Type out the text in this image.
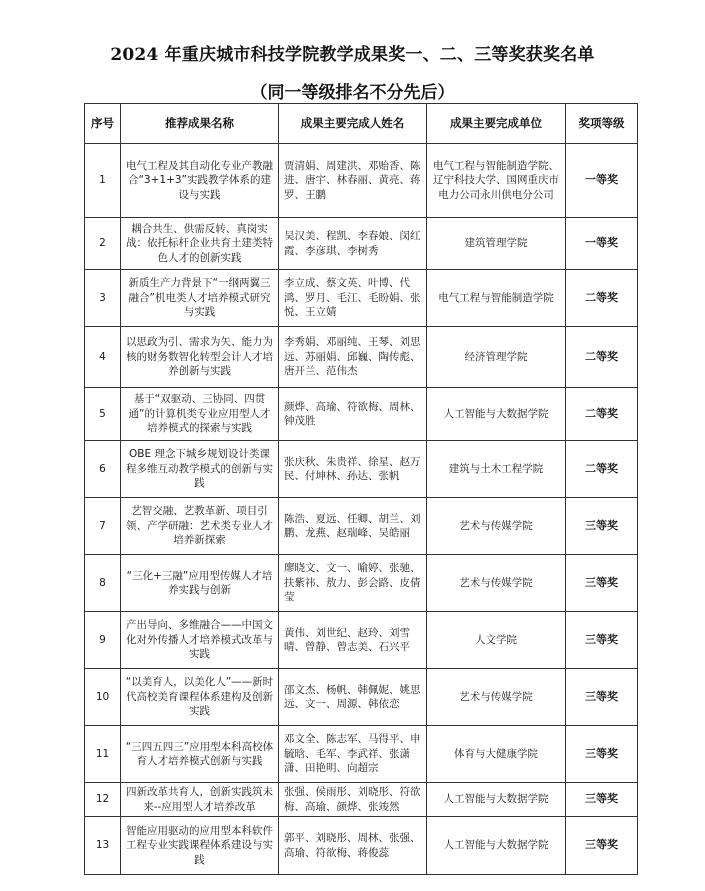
2024 年重庆城市科技学院教学成果奖一、二、三等奖获奖名单
（同一等级排名不分先后）
序号	推荐成果名称	成果主要完成人姓名	成果主要完成单位	奖项等级
1	电气工程及其自动化专业产教融合“3+1+3”实践教学体系的建设与实践	贾清娟、周建洪、邓贻香、陈进、唐宇、林春丽、黄亮、蒋罗、王鹏	电气工程与智能制造学院、辽宁科技大学、国网重庆市电力公司永川供电分公司	一等奖
2	耦合共生、供需反转、真岗实战：依托标杆企业共育土建类特色人才的创新实践	吴汉美、程凯、李春娘、闵红霞、李彦琪、李树秀	建筑管理学院	一等奖
3	新质生产力背景下“一纲两翼三融合”机电类人才培养模式研究与实践	李立成、蔡文英、叶博、代鸿、罗月、毛江、毛盼娟、张悦、王立婧	电气工程与智能制造学院	二等奖
4	以思政为引、需求为矢、能力为核的财务数智化转型会计人才培养创新与实践	李秀娟、邓丽纯、王琴、刘思远、苏丽娟、邱巍、陶传彪、唐开兰、范伟杰	经济管理学院	二等奖
5	基于“双驱动、三协同、四贯通”的计算机类专业应用型人才培养模式的探索与实践	颜烨、高瑜、符欲梅、周林、钟茂胜	人工智能与大数据学院	二等奖
6	OBE 理念下城乡规划设计类课程多维互动教学模式的创新与实践	张庆秋、朱贵祥、徐星、赵万民、付坤林、孙达、张帆	建筑与土木工程学院	二等奖
7	艺智交融、艺教革新、项目引领、产学研融：艺术类专业人才培养新探索	陈浩、夏远、任卿、胡兰、刘鹏、龙燕、赵瑞峰、吴皓丽	艺术与传媒学院	三等奖
8	“三化+三融”应用型传媒人才培养实践与创新	廖晓文、文一、喻婷、张驰、扶紫祎、敖力、彭会路、皮倩莹	艺术与传媒学院	三等奖
9	产出导向、多维融合——中国文化对外传播人才培养模式改革与实践	黄伟、刘世纪、赵玲、刘雪晴、曾静、曾志美、石兴平	人文学院	三等奖
10	“以美育人，以美化人”——新时代高校美育课程体系建构及创新实践	邵文杰、杨帆、韩佩妮、姚思远、文一、周源、韩依恋	艺术与传媒学院	三等奖
11	“三四五四三”应用型本科高校体育人才培养模式创新与实践	邓文全、陈志军、马得平、申毓晗、毛军、李武祥、张潇潇、田艳明、向超宗	体育与大健康学院	三等奖
12	四新改革共育人，创新实践筑未来--应用型人才培养改革	张强、侯雨彤、刘晓彤、符欲梅、高瑜、颜烨、张竣然	人工智能与大数据学院	三等奖
13	智能应用驱动的应用型本科软件工程专业实践课程体系建设与实践	郭平、刘晓彤、周林、张强、高瑜、符欲梅、蒋俊蕊	人工智能与大数据学院	三等奖
